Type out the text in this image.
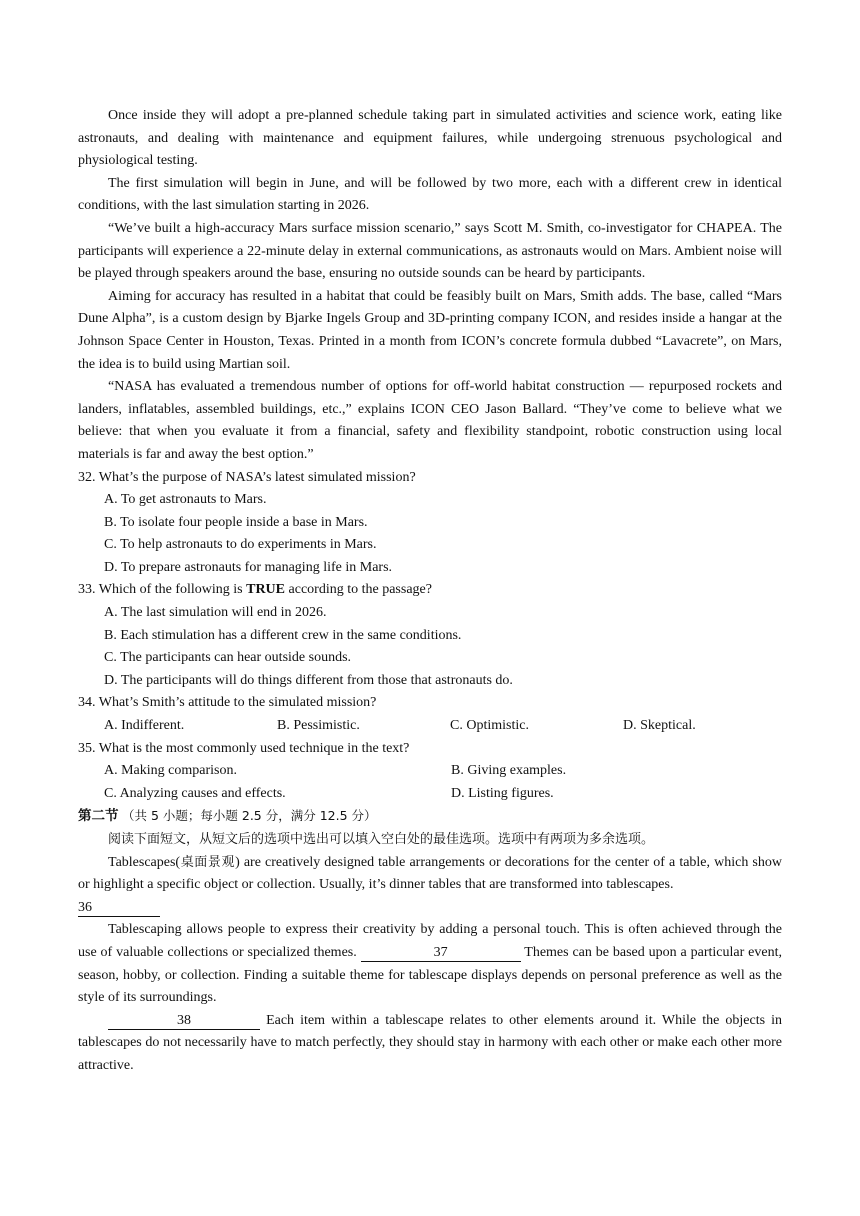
Once inside they will adopt a pre-planned schedule taking part in simulated activities and science work, eating like astronauts, and dealing with maintenance and equipment failures, while undergoing strenuous psychological and physiological testing.

The first simulation will begin in June, and will be followed by two more, each with a different crew in identical conditions, with the last simulation starting in 2026.

“We’ve built a high-accuracy Mars surface mission scenario,” says Scott M. Smith, co-investigator for CHAPEA. The participants will experience a 22-minute delay in external communications, as astronauts would on Mars. Ambient noise will be played through speakers around the base, ensuring no outside sounds can be heard by participants.

Aiming for accuracy has resulted in a habitat that could be feasibly built on Mars, Smith adds. The base, called “Mars Dune Alpha”, is a custom design by Bjarke Ingels Group and 3D-printing company ICON, and resides inside a hangar at the Johnson Space Center in Houston, Texas. Printed in a month from ICON’s concrete formula dubbed “Lavacrete”, on Mars, the idea is to build using Martian soil.

“NASA has evaluated a tremendous number of options for off-world habitat construction — repurposed rockets and landers, inflatables, assembled buildings, etc.,” explains ICON CEO Jason Ballard. “They’ve come to believe what we believe: that when you evaluate it from a financial, safety and flexibility standpoint, robotic construction using local materials is far and away the best option.”

32. What’s the purpose of NASA’s latest simulated mission?

A. To get astronauts to Mars.

B. To isolate four people inside a base in Mars.

C. To help astronauts to do experiments in Mars.

D. To prepare astronauts for managing life in Mars.

33. Which of the following is TRUE according to the passage?

A. The last simulation will end in 2026.

B. Each stimulation has a different crew in the same conditions.

C. The participants can hear outside sounds.

D. The participants will do things different from those that astronauts do.

34. What’s Smith’s attitude to the simulated mission?

A. Indifferent.	B. Pessimistic.	C. Optimistic.	D. Skeptical.

35. What is the most commonly used technique in the text?

A. Making comparison.	B. Giving examples.
C. Analyzing causes and effects.	D. Listing figures.

第二节 （共 5 小题；每小题 2.5 分，满分 12.5 分）

阅读下面短文，从短文后的选项中选出可以填入空白处的最佳选项。选项中有两项为多余选项。

Tablescapes(桌面景观) are creatively designed table arrangements or decorations for the center of a table, which show or highlight a specific object or collection. Usually, it’s dinner tables that are transformed into tablescapes.

36

Tablescaping allows people to express their creativity by adding a personal touch. This is often achieved through the use of valuable collections or specialized themes.	37	Themes can be based upon a particular event, season, hobby, or collection. Finding a suitable theme for tablescape displays depends on personal preference as well as the style of its surroundings.

38	Each item within a tablescape relates to other elements around it. While the objects in tablescapes do not necessarily have to match perfectly, they should stay in harmony with each other or make each other more attractive.
